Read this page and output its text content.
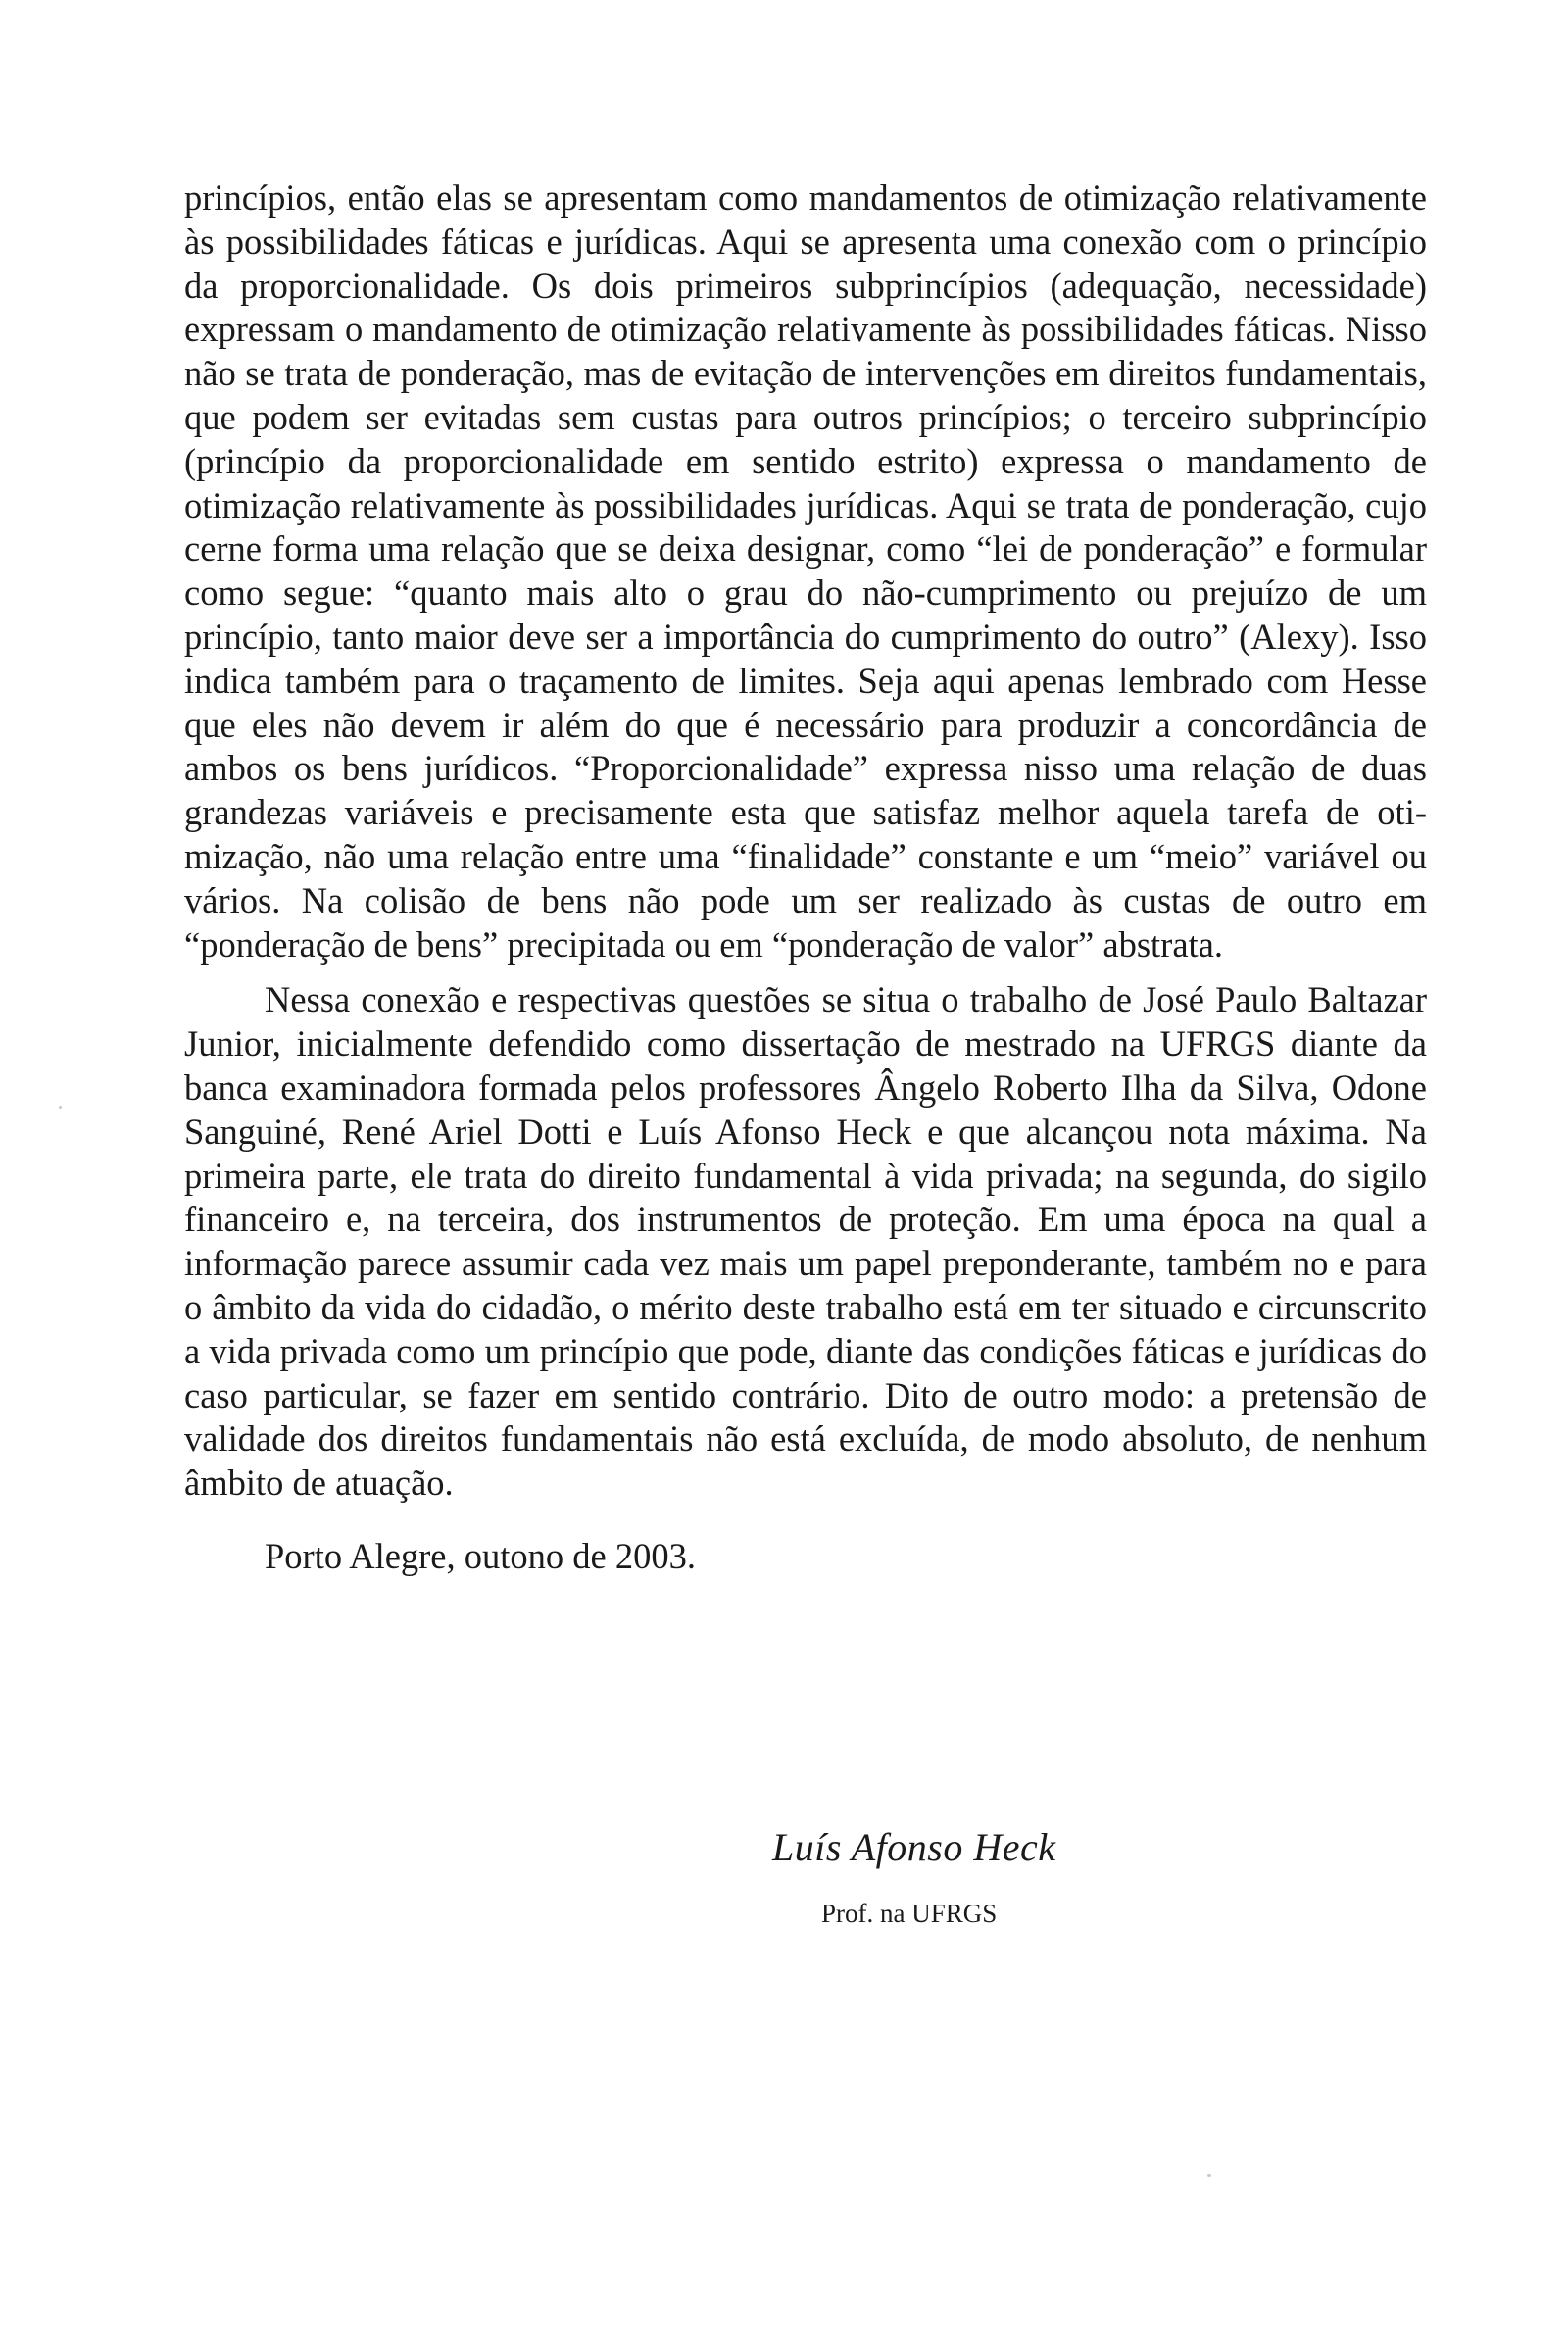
princípios, então elas se apresentam como mandamentos de otimização relativamente às possibilidades fáticas e jurídicas. Aqui se apresenta uma conexão com o princípio da proporcionalidade. Os dois primeiros subprincípios (adequação, necessidade) expressam o mandamento de otimização relativamente às possibilidades fáticas. Nisso não se trata de ponderação, mas de evitação de intervenções em direitos fundamentais, que podem ser evitadas sem custas para outros princípios; o terceiro subprincípio (princípio da proporcionalidade em sentido estrito) expressa o mandamento de otimização relativamente às possibilidades jurídicas. Aqui se trata de ponderação, cujo cerne forma uma relação que se deixa designar, como “lei de ponderação” e formular como segue: “quanto mais alto o grau do não-cumprimento ou prejuízo de um princípio, tanto maior deve ser a importância do cumprimento do outro” (Alexy). Isso indica também para o traçamento de limites. Seja aqui apenas lembrado com Hesse que eles não devem ir além do que é necessário para produzir a concordância de ambos os bens jurídicos. “Proporcionalidade” expressa nisso uma relação de duas grandezas variáveis e precisamente esta que satisfaz melhor aquela tarefa de otimização, não uma relação entre uma “finalidade” constante e um “meio” variável ou vários. Na colisão de bens não pode um ser realizado às custas de outro em “ponderação de bens” precipitada ou em “ponderação de valor” abstrata.

Nessa conexão e respectivas questões se situa o trabalho de José Paulo Baltazar Junior, inicialmente defendido como dissertação de mestrado na UFRGS diante da banca examinadora formada pelos professores Ângelo Roberto Ilha da Silva, Odone Sanguiné, René Ariel Dotti e Luís Afonso Heck e que alcançou nota máxima. Na primeira parte, ele trata do direito fundamental à vida privada; na segunda, do sigilo financeiro e, na terceira, dos instrumentos de proteção. Em uma época na qual a informação parece assumir cada vez mais um papel preponderante, também no e para o âmbito da vida do cidadão, o mérito deste trabalho está em ter situado e circunscrito a vida privada como um princípio que pode, diante das condições fáticas e jurídicas do caso particular, se fazer em sentido contrário. Dito de outro modo: a pretensão de validade dos direitos fundamentais não está excluída, de modo absoluto, de nenhum âmbito de atuação.

Porto Alegre, outono de 2003.

Luís Afonso Heck
Prof. na UFRGS
